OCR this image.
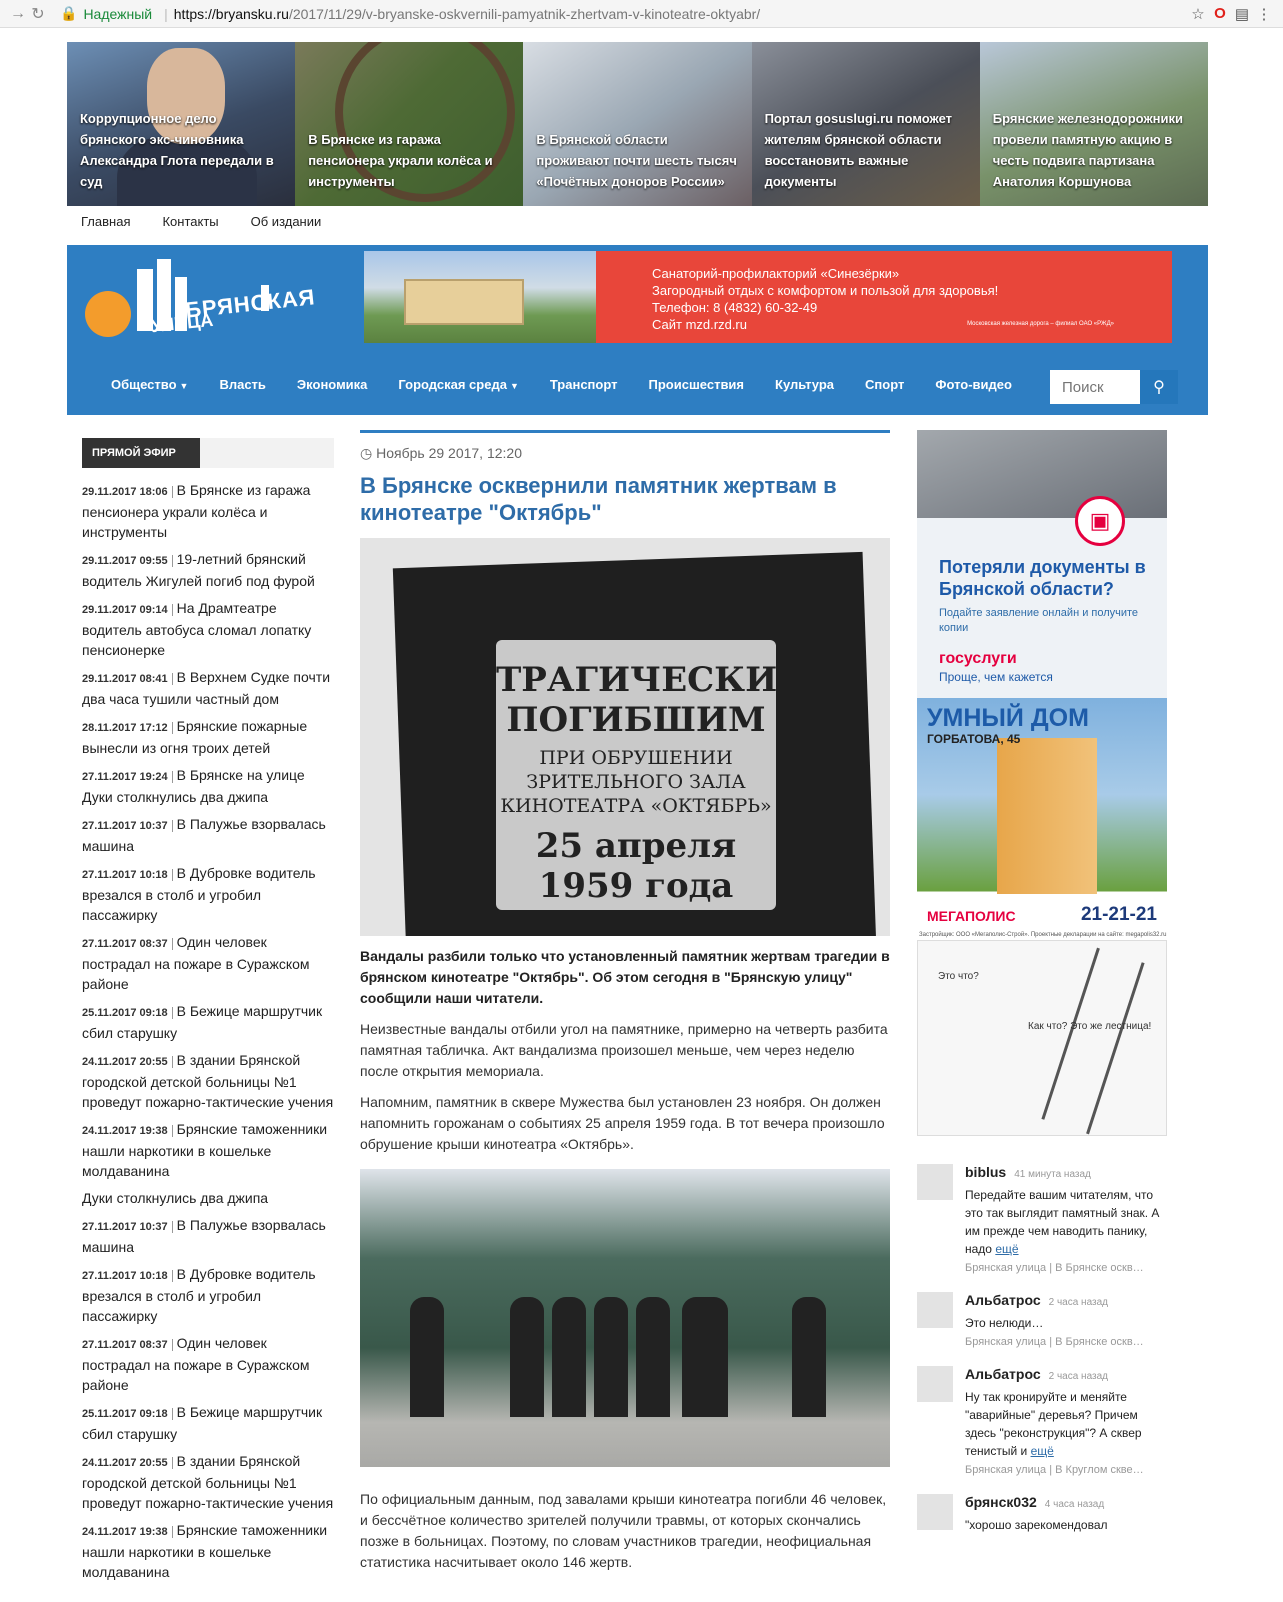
→ ↻ 🔒 Надежный | https://bryansku.ru /2017/11/29/v-bryanske-oskvernili-pamyatnik-zhertvam-v-kinoteatre-oktyabr/	☆ O ▤ ⋮
Коррупционное дело брянского экс-чиновника Александра Глота передали в суд
В Брянске из гаража пенсионера украли колёса и инструменты
В Брянской области проживают почти шесть тысяч «Почётных доноров России»
Портал gosuslugi.ru поможет жителям брянской области восстановить важные документы
Брянские железнодорожники провели памятную акцию в честь подвига партизана Анатолия Коршунова
Главная Контакты Об издании
БРЯНСКАЯ
УЛИЦА
Санаторий-профилакторий «Синезёрки»
Загородный отдых с комфортом и пользой для здоровья!
Телефон: 8 (4832) 60-32-49
Сайт mzd.rzd.ru	Московская железная дорога – филиал ОАО «РЖД»
Общество ▼ Власть Экономика Городская среда ▼ Транспорт Происшествия Культура Спорт Фото-видео
Поиск	⚲
ПРЯМОЙ ЭФИР
29.11.2017 18:06 В Брянске из гаража пенсионера украли колёса и инструменты
29.11.2017 09:55 19-летний брянский водитель Жигулей погиб под фурой
29.11.2017 09:14 На Драмтеатре водитель автобуса сломал лопатку пенсионерке
29.11.2017 08:41 В Верхнем Судке почти два часа тушили частный дом
28.11.2017 17:12 Брянские пожарные вынесли из огня троих детей
27.11.2017 19:24 В Брянске на улице Дуки столкнулись два джипа
27.11.2017 10:37 В Палужье взорвалась машина
27.11.2017 10:18 В Дубровке водитель врезался в столб и угробил пассажирку
27.11.2017 08:37 Один человек пострадал на пожаре в Суражском районе
25.11.2017 09:18 В Бежице маршрутчик сбил старушку
24.11.2017 20:55 В здании Брянской городской детской больницы №1 проведут пожарно-тактические учения
24.11.2017 19:38 Брянские таможенники нашли наркотики в кошельке молдаванина
Дуки столкнулись два джипа
27.11.2017 10:37 В Палужье взорвалась машина
27.11.2017 10:18 В Дубровке водитель врезался в столб и угробил пассажирку
27.11.2017 08:37 Один человек пострадал на пожаре в Суражском районе
25.11.2017 09:18 В Бежице маршрутчик сбил старушку
24.11.2017 20:55 В здании Брянской городской детской больницы №1 проведут пожарно-тактические учения
24.11.2017 19:38 Брянские таможенники нашли наркотики в кошельке молдаванина
◷ Ноябрь 29 2017, 12:20
В Брянске осквернили памятник жертвам в кинотеатре "Октябрь"
ТРАГИЧЕСКИ
ПОГИБШИМ
ПРИ ОБРУШЕНИИ
ЗРИТЕЛЬНОГО ЗАЛА
КИНОТЕАТРА «ОКТЯБРЬ»
25 апреля 1959 года
Вандалы разбили только что установленный памятник жертвам трагедии в брянском кинотеатре "Октябрь". Об этом сегодня в "Брянскую улицу" сообщили наши читатели.
Неизвестные вандалы отбили угол на памятнике, примерно на четверть разбита памятная табличка. Акт вандализма произошел меньше, чем через неделю после открытия мемориала.
Напомним, памятник в сквере Мужества был установлен 23 ноября. Он должен напомнить горожанам о событиях 25 апреля 1959 года. В тот вечера произошло обрушение крыши кинотеатра «Октябрь».
По официальным данным, под завалами крыши кинотеатра погибли 46 человек, и бессчётное количество зрителей получили травмы, от которых скончались позже в больницах. Поэтому, по словам участников трагедии, неофициальная статистика насчитывает около 146 жертв.
▣
Потеряли документы в Брянской области?
Подайте заявление онлайн и получите копии
госуслуги
Проще, чем кажется
УМНЫЙ ДОМ
ГОРБАТОВА, 45
МЕГАПОЛИС	21-21-21
Застройщик: ООО «Мегаполис-Строй». Проектные декларации на сайте: megapolis32.ru
Это что?
Как что? Это же лестница!
biblus 41 минута назад
Передайте вашим читателям, что это так выглядит памятный знак. А им прежде чем наводить панику, надо ещё
Брянская улица | В Брянске оскв…
Альбатрос 2 часа назад
Это нелюди…
Брянская улица | В Брянске оскв…
Альбатрос 2 часа назад
Ну так кронируйте и меняйте "аварийные" деревья? Причем здесь "реконструкция"? А сквер тенистый и ещё
Брянская улица | В Круглом скве…
брянск032 4 часа назад
"хорошо зарекомендовал
